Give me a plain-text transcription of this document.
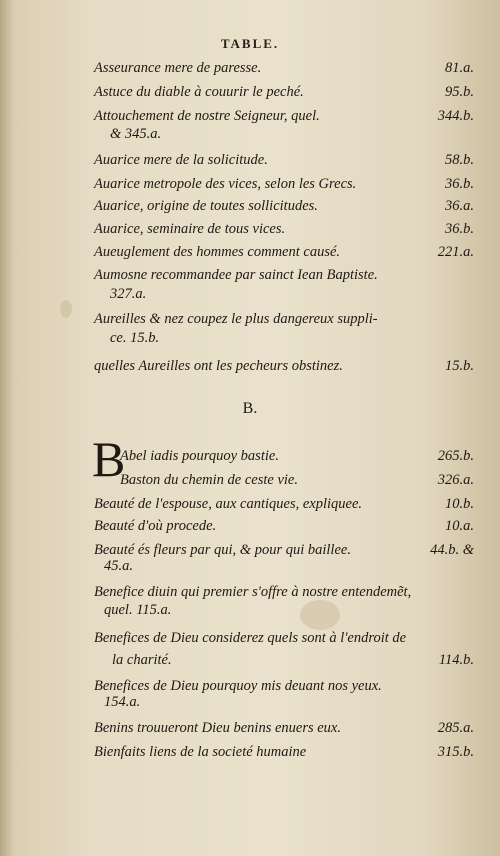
TABLE.
Asseurance mere de paresse.	81.a.
Astuce du diable à couurir le peché.	95.b.
Attouchement de nostre Seigneur, quel.	344.b.
& 345.a.
Auarice mere de la solicitude.	58.b.
Auarice metropole des vices, selon les Grecs.	36.b.
Auarice, origine de toutes sollicitudes.	36.a.
Auarice, seminaire de tous vices.	36.b.
Aueuglement des hommes comment causé.	221.a.
Aumosne recommandee par sainct Iean Baptiste.
327.a.
Aureilles & nez coupez le plus dangereux suppli-
ce. 15.b.
quelles Aureilles ont les pecheurs obstinez.	15.b.
B.
B
Abel iadis pourquoy bastie.	265.b.
Baston du chemin de ceste vie.	326.a.
Beauté de l'espouse, aux cantiques, expliquee.	10.b.
Beauté d'où procede.	10.a.
Beauté és fleurs par qui, & pour qui baillee.	44.b. &
45.a.
Benefice diuin qui premier s'offre à nostre entendemẽt,
quel. 115.a.
Benefices de Dieu considerez quels sont à l'endroit de
la charité.	114.b.
Benefices de Dieu pourquoy mis deuant nos yeux.
154.a.
Benins trouueront Dieu benins enuers eux.	285.a.
Bienfaits liens de la societé humaine	315.b.
